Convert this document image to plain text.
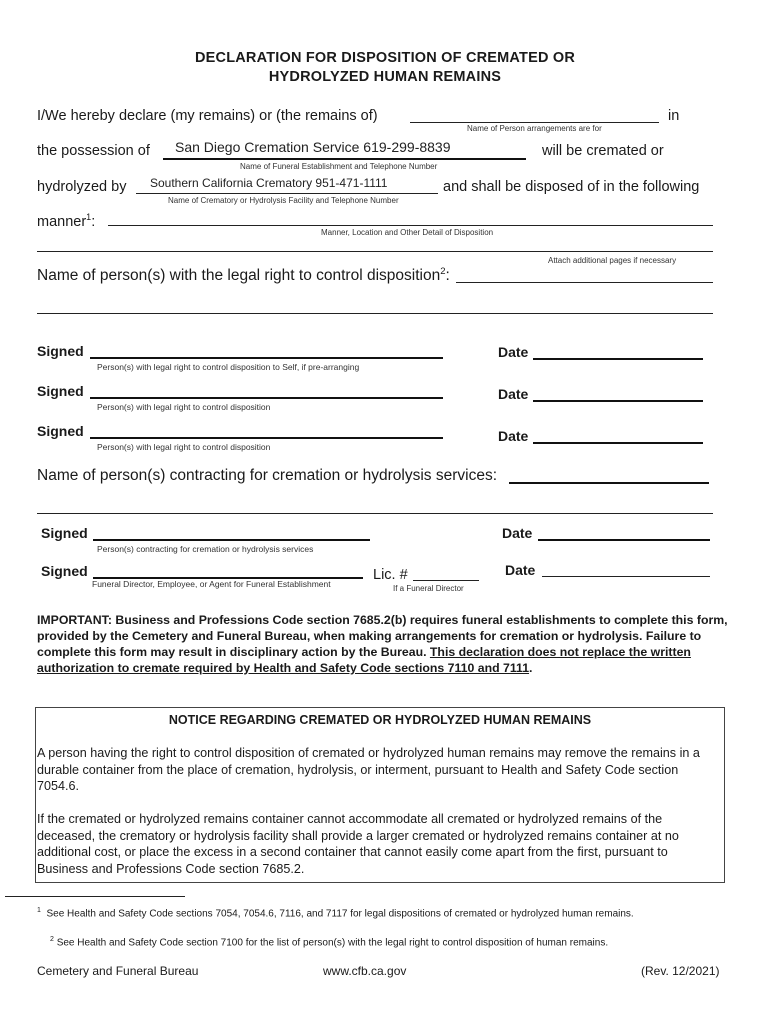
DECLARATION FOR DISPOSITION OF CREMATED OR
HYDROLYZED HUMAN REMAINS
I/We hereby declare (my remains) or (the remains of)	in
Name of Person arrangements are for
the possession of San Diego Cremation Service 619-299-8839	will be cremated or
Name of Funeral Establishment and Telephone Number
hydrolyzed by Southern California Crematory 951-471-1111	and shall be disposed of in the following
Name of Crematory or Hydrolysis Facility and Telephone Number
manner$^1$:
Manner, Location and Other Detail of Disposition
Attach additional pages if necessary
Name of person(s) with the legal right to control disposition$^2$:
Signed
Person(s) with legal right to control disposition to Self, if pre-arranging
Date
Signed
Person(s) with legal right to control disposition
Date
Signed
Person(s) with legal right to control disposition
Date
Name of person(s) contracting for cremation or hydrolysis services:
Signed
Person(s) contracting for cremation or hydrolysis services
Date
Signed
Funeral Director, Employee, or Agent for Funeral Establishment
Lic. #
If a Funeral Director
Date
IMPORTANT: Business and Professions Code section 7685.2(b) requires funeral establishments to complete this form, provided by the Cemetery and Funeral Bureau, when making arrangements for cremation or hydrolysis. Failure to complete this form may result in disciplinary action by the Bureau. This declaration does not replace the written authorization to cremate required by Health and Safety Code sections 7110 and 7111.
NOTICE REGARDING CREMATED OR HYDROLYZED HUMAN REMAINS
A person having the right to control disposition of cremated or hydrolyzed human remains may remove the remains in a durable container from the place of cremation, hydrolysis, or interment, pursuant to Health and Safety Code section 7054.6.
If the cremated or hydrolyzed remains container cannot accommodate all cremated or hydrolyzed remains of the deceased, the crematory or hydrolysis facility shall provide a larger cremated or hydrolyzed remains container at no additional cost, or place the excess in a second container that cannot easily come apart from the first, pursuant to Business and Professions Code section 7685.2.
$^1$ See Health and Safety Code sections 7054, 7054.6, 7116, and 7117 for legal dispositions of cremated or hydrolyzed human remains.
$^2$ See Health and Safety Code section 7100 for the list of person(s) with the legal right to control disposition of human remains.
Cemetery and Funeral Bureau	www.cfb.ca.gov	(Rev. 12/2021)
